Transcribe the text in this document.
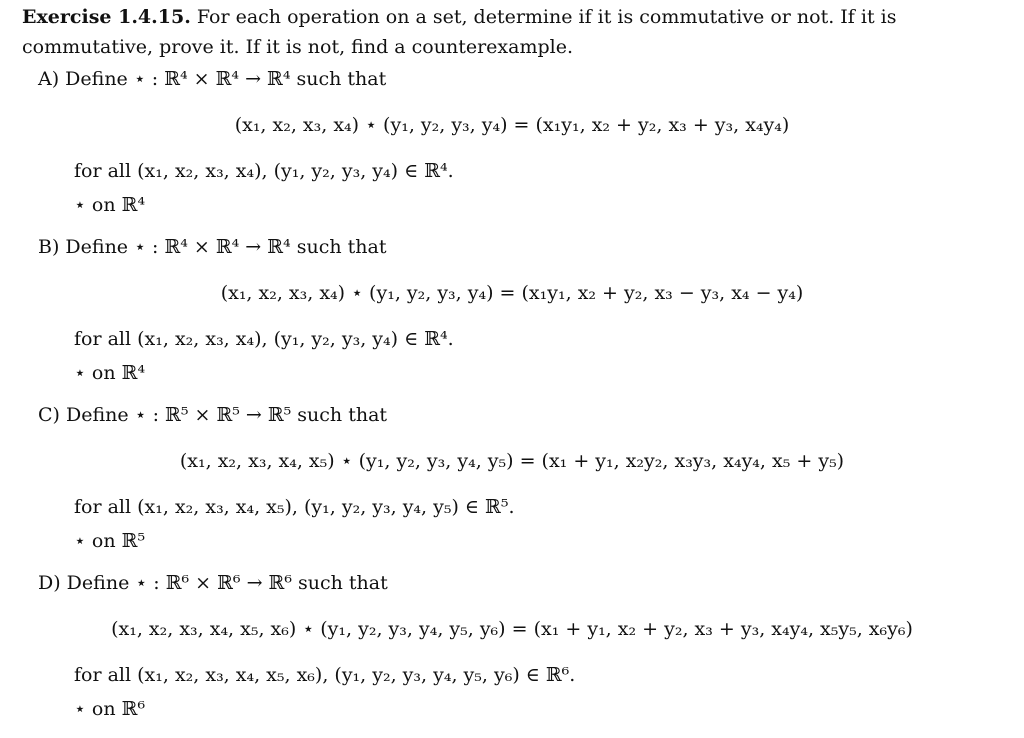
Exercise 1.4.15. For each operation on a set, determine if it is commutative or not. If it is commutative, prove it. If it is not, find a counterexample.
A) Define ⋆ : ℝ⁴ × ℝ⁴ → ℝ⁴ such that
(x₁, x₂, x₃, x₄) ⋆ (y₁, y₂, y₃, y₄) = (x₁y₁, x₂ + y₂, x₃ + y₃, x₄y₄)
for all (x₁, x₂, x₃, x₄), (y₁, y₂, y₃, y₄) ∈ ℝ⁴.
⋆ on ℝ⁴
B) Define ⋆ : ℝ⁴ × ℝ⁴ → ℝ⁴ such that
(x₁, x₂, x₃, x₄) ⋆ (y₁, y₂, y₃, y₄) = (x₁y₁, x₂ + y₂, x₃ − y₃, x₄ − y₄)
for all (x₁, x₂, x₃, x₄), (y₁, y₂, y₃, y₄) ∈ ℝ⁴.
⋆ on ℝ⁴
C) Define ⋆ : ℝ⁵ × ℝ⁵ → ℝ⁵ such that
(x₁, x₂, x₃, x₄, x₅) ⋆ (y₁, y₂, y₃, y₄, y₅) = (x₁ + y₁, x₂y₂, x₃y₃, x₄y₄, x₅ + y₅)
for all (x₁, x₂, x₃, x₄, x₅), (y₁, y₂, y₃, y₄, y₅) ∈ ℝ⁵.
⋆ on ℝ⁵
D) Define ⋆ : ℝ⁶ × ℝ⁶ → ℝ⁶ such that
(x₁, x₂, x₃, x₄, x₅, x₆) ⋆ (y₁, y₂, y₃, y₄, y₅, y₆) = (x₁ + y₁, x₂ + y₂, x₃ + y₃, x₄y₄, x₅y₅, x₆y₆)
for all (x₁, x₂, x₃, x₄, x₅, x₆), (y₁, y₂, y₃, y₄, y₅, y₆) ∈ ℝ⁶.
⋆ on ℝ⁶
